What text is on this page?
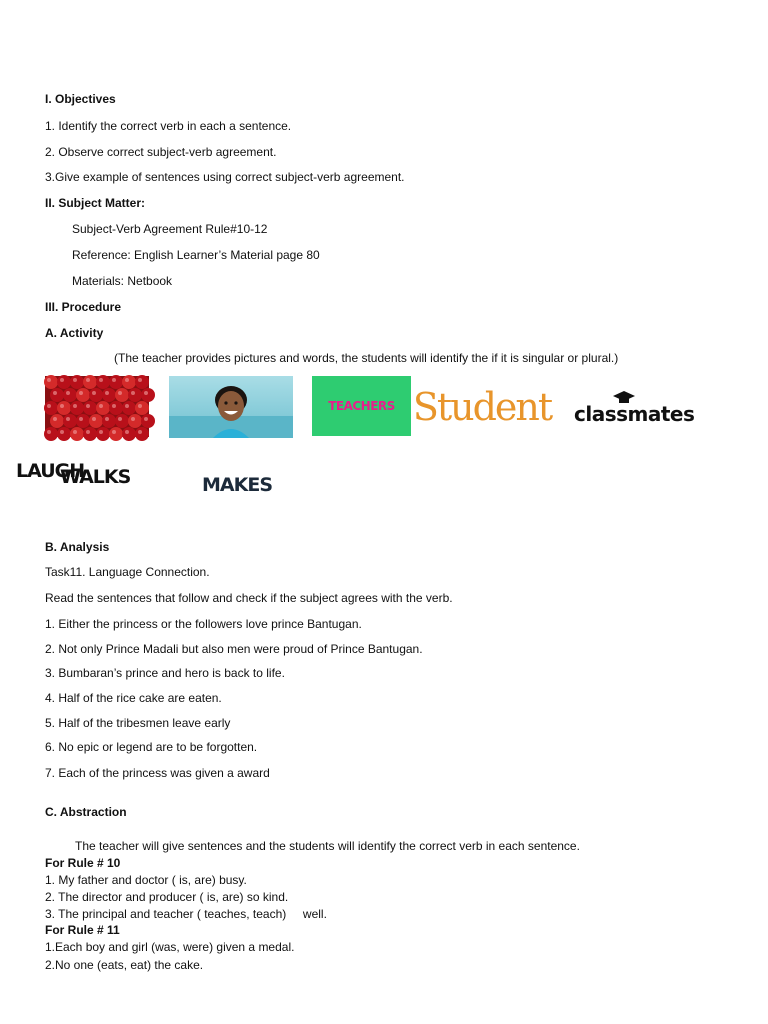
I. Objectives
1. Identify the correct verb in each a sentence.
2. Observe correct subject-verb agreement.
3.Give example of sentences using correct subject-verb agreement.
II. Subject Matter:
Subject-Verb Agreement Rule#10-12
Reference: English Learner’s Material page 80
Materials: Netbook
III. Procedure
A. Activity
(The teacher provides pictures and words, the students will identify the if it is singular or plural.)
TEACHERS Student classmates
LAUGH
WALKS	MAKES
B. Analysis
Task11. Language Connection.
Read the sentences that follow and check if the subject agrees with the verb.
1. Either the princess or the followers love prince Bantugan.
2. Not only Prince Madali but also men were proud of Prince Bantugan.
3. Bumbaran’s prince and hero is back to life.
4. Half of the rice cake are eaten.
5. Half of the tribesmen leave early
6. No epic or legend are to be forgotten.
7. Each of the princess was given a award
C. Abstraction
The teacher will give sentences and the students will identify the correct verb in each sentence.
For Rule # 10
1. My father and doctor ( is, are) busy.
2. The director and producer ( is, are) so kind.
3. The principal and teacher ( teaches, teach)     well.
For Rule # 11
1.Each boy and girl (was, were) given a medal.
2.No one (eats, eat) the cake.
